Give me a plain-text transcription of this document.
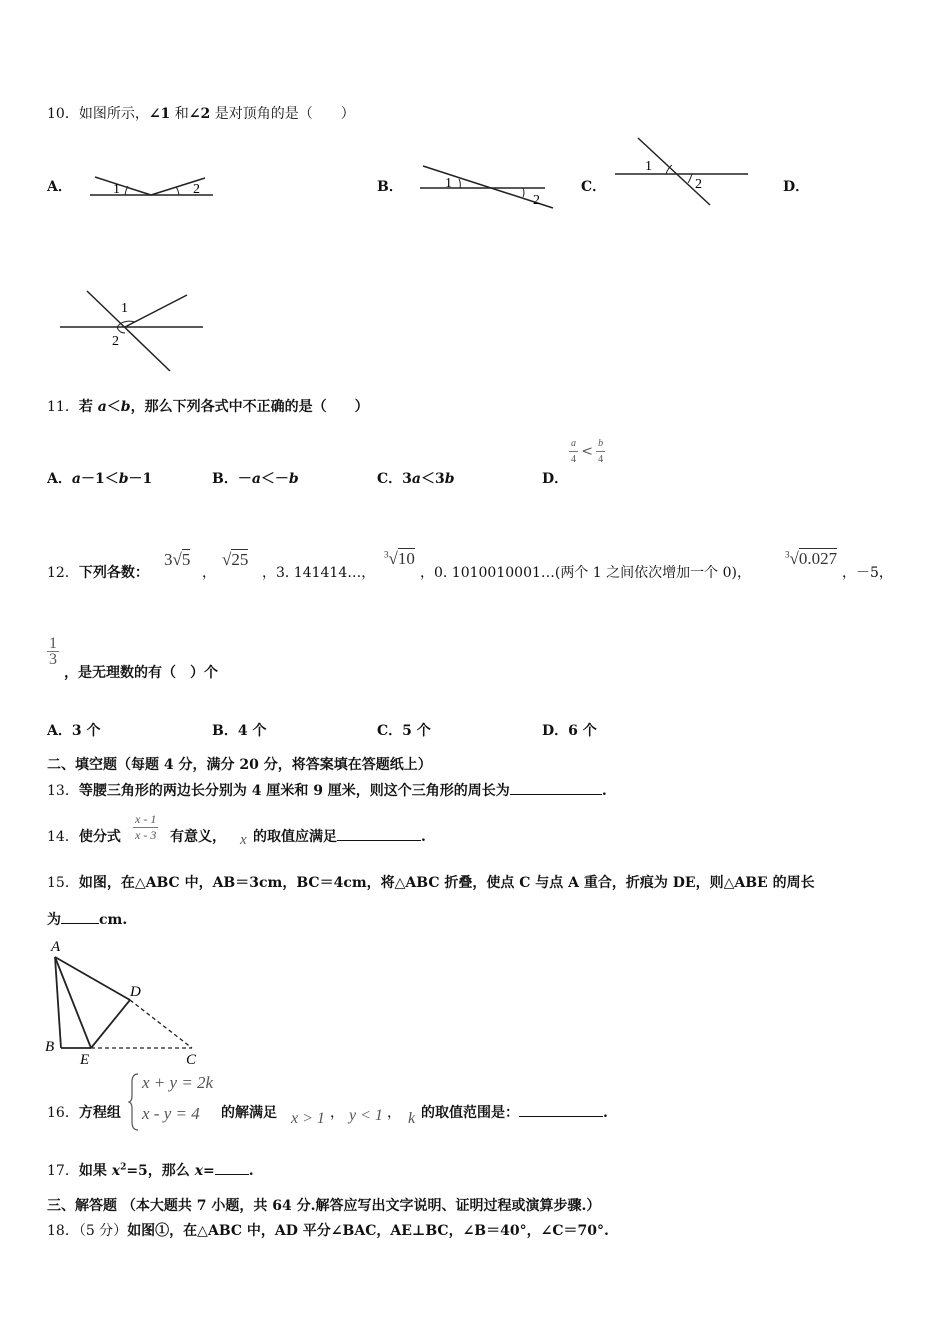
10．如图所示，∠1 和∠2 是对顶角的是（　　）
A．	1	2	B．	1
2
C．
1
2	D．
1
2
11．若 a＜b，那么下列各式中不正确的是（　　）
A．a－1＜b－1	B．－a＜－b	C．3a＜3b	D．
$\frac{a}{4} < \frac{b}{4}$
12．下列各数：
3√5
，
√25
，3. 141414…，
$^3$√10
，0. 1010010001…(两个 1 之间依次增加一个 0)，
$^3$√0.027
，－5，
$\frac{1}{3}$
，是无理数的有（　）个
A．3 个	B．4 个	C．5 个	D．6 个
二、填空题（每题 4 分，满分 20 分，将答案填在答题纸上）
13．等腰三角形的两边长分别为 4 厘米和 9 厘米，则这个三角形的周长为	.
14．使分式 $\frac{x - 1}{x - 3}$ 有意义， x 的取值应满足	.
15．如图，在△ABC 中，AB＝3cm，BC＝4cm，将△ABC 折叠，使点 C 与点 A 重合，折痕为 DE，则△ABE 的周长
为	cm.
A
B
C
D
E
16．方程组
x + y = 2k
x - y = 4 的解满足 x > 1 ， y < 1 ， k 的取值范围是：	.
17．如果 $x^2=5$，那么 x= .
三、解答题 （本大题共 7 小题，共 64 分.解答应写出文字说明、证明过程或演算步骤.）
18．（5 分）如图①，在△ABC 中，AD 平分∠BAC，AE⊥BC，∠B＝40°，∠C＝70°.
